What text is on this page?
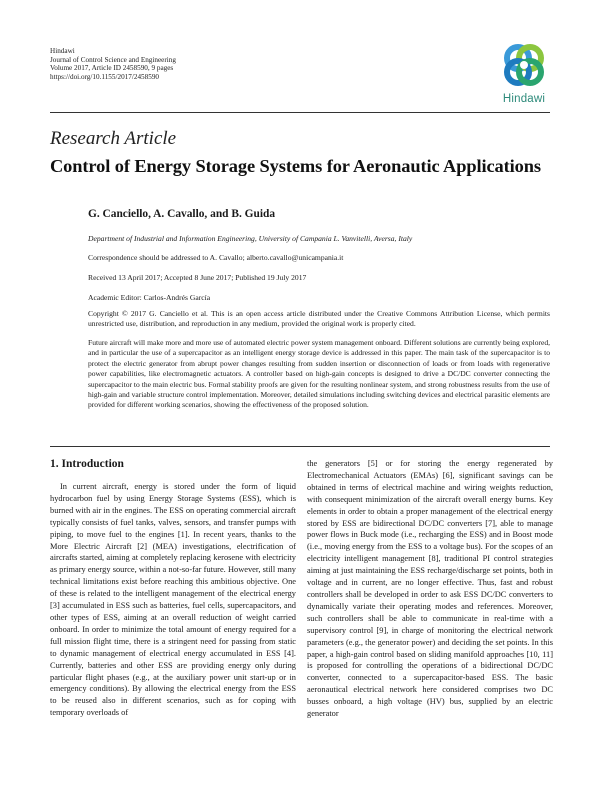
Hindawi
Journal of Control Science and Engineering
Volume 2017, Article ID 2458590, 9 pages
https://doi.org/10.1155/2017/2458590
Hindawi
Research Article
Control of Energy Storage Systems for Aeronautic Applications
G. Canciello, A. Cavallo, and B. Guida
Department of Industrial and Information Engineering, University of Campania L. Vanvitelli, Aversa, Italy
Correspondence should be addressed to A. Cavallo; alberto.cavallo@unicampania.it
Received 13 April 2017; Accepted 8 June 2017; Published 19 July 2017
Academic Editor: Carlos-Andrés García
Copyright © 2017 G. Canciello et al. This is an open access article distributed under the Creative Commons Attribution License, which permits unrestricted use, distribution, and reproduction in any medium, provided the original work is properly cited.
Future aircraft will make more and more use of automated electric power system management onboard. Different solutions are currently being explored, and in particular the use of a supercapacitor as an intelligent energy storage device is addressed in this paper. The main task of the supercapacitor is to protect the electric generator from abrupt power changes resulting from sudden insertion or disconnection of loads or from loads with regenerative power capabilities, like electromagnetic actuators. A controller based on high-gain concepts is designed to drive a DC/DC converter connecting the supercapacitor to the main electric bus. Formal stability proofs are given for the resulting nonlinear system, and strong robustness results from the use of high-gain and variable structure control implementation. Moreover, detailed simulations including switching devices and electrical parasitic elements are provided for different working scenarios, showing the effectiveness of the proposed solution.
1. Introduction

In current aircraft, energy is stored under the form of liquid hydrocarbon fuel by using Energy Storage Systems (ESS), which is burned with air in the engines. The ESS on operating commercial aircraft typically consists of fuel tanks, valves, sensors, and transfer pumps with piping, to move fuel to the engines [1]. In recent years, thanks to the More Electric Aircraft [2] (MEA) investigations, electrification of aircrafts started, aiming at completely replacing kerosene with electricity as primary energy source, within a not-so-far future. However, still many technical limitations exist before reaching this ambitious objective. One of these is related to the intelligent management of the electrical energy [3] accumulated in ESS such as batteries, fuel cells, supercapacitors, and other types of ESS, aiming at an overall reduction of weight carried onboard. In order to minimize the total amount of energy required for a full mission flight time, there is a stringent need for passing from static to dynamic management of electrical energy accumulated in ESS [4]. Currently, batteries and other ESS are providing energy only during particular flight phases (e.g., at the auxiliary power unit start-up or in emergency conditions). By allowing the electrical energy from the ESS to be reused also in different scenarios, such as for coping with temporary overloads of

the generators [5] or for storing the energy regenerated by Electromechanical Actuators (EMAs) [6], significant savings can be obtained in terms of electrical machine and wiring weights reduction, with consequent minimization of the aircraft overall energy burns. Key elements in order to obtain a proper management of the electrical energy stored by ESS are bidirectional DC/DC converters [7], able to manage power flows in Buck mode (i.e., recharging the ESS) and in Boost mode (i.e., moving energy from the ESS to a voltage bus). For the scopes of an electricity intelligent management [8], traditional PI control strategies aiming at just maintaining the ESS recharge/discharge set points, both in voltage and in current, are no longer effective. Thus, fast and robust controllers shall be developed in order to ask ESS DC/DC converters to dynamically variate their operating modes and references. Moreover, such controllers shall be able to communicate in real-time with a supervisory control [9], in charge of monitoring the electrical network parameters (e.g., the generator power) and deciding the set points. In this paper, a high-gain control based on sliding manifold approaches [10, 11] is proposed for controlling the operations of a bidirectional DC/DC converter, connected to a supercapacitor-based ESS. The basic aeronautical electrical network here considered comprises two DC busses onboard, a high voltage (HV) bus, supplied by an electric generator
